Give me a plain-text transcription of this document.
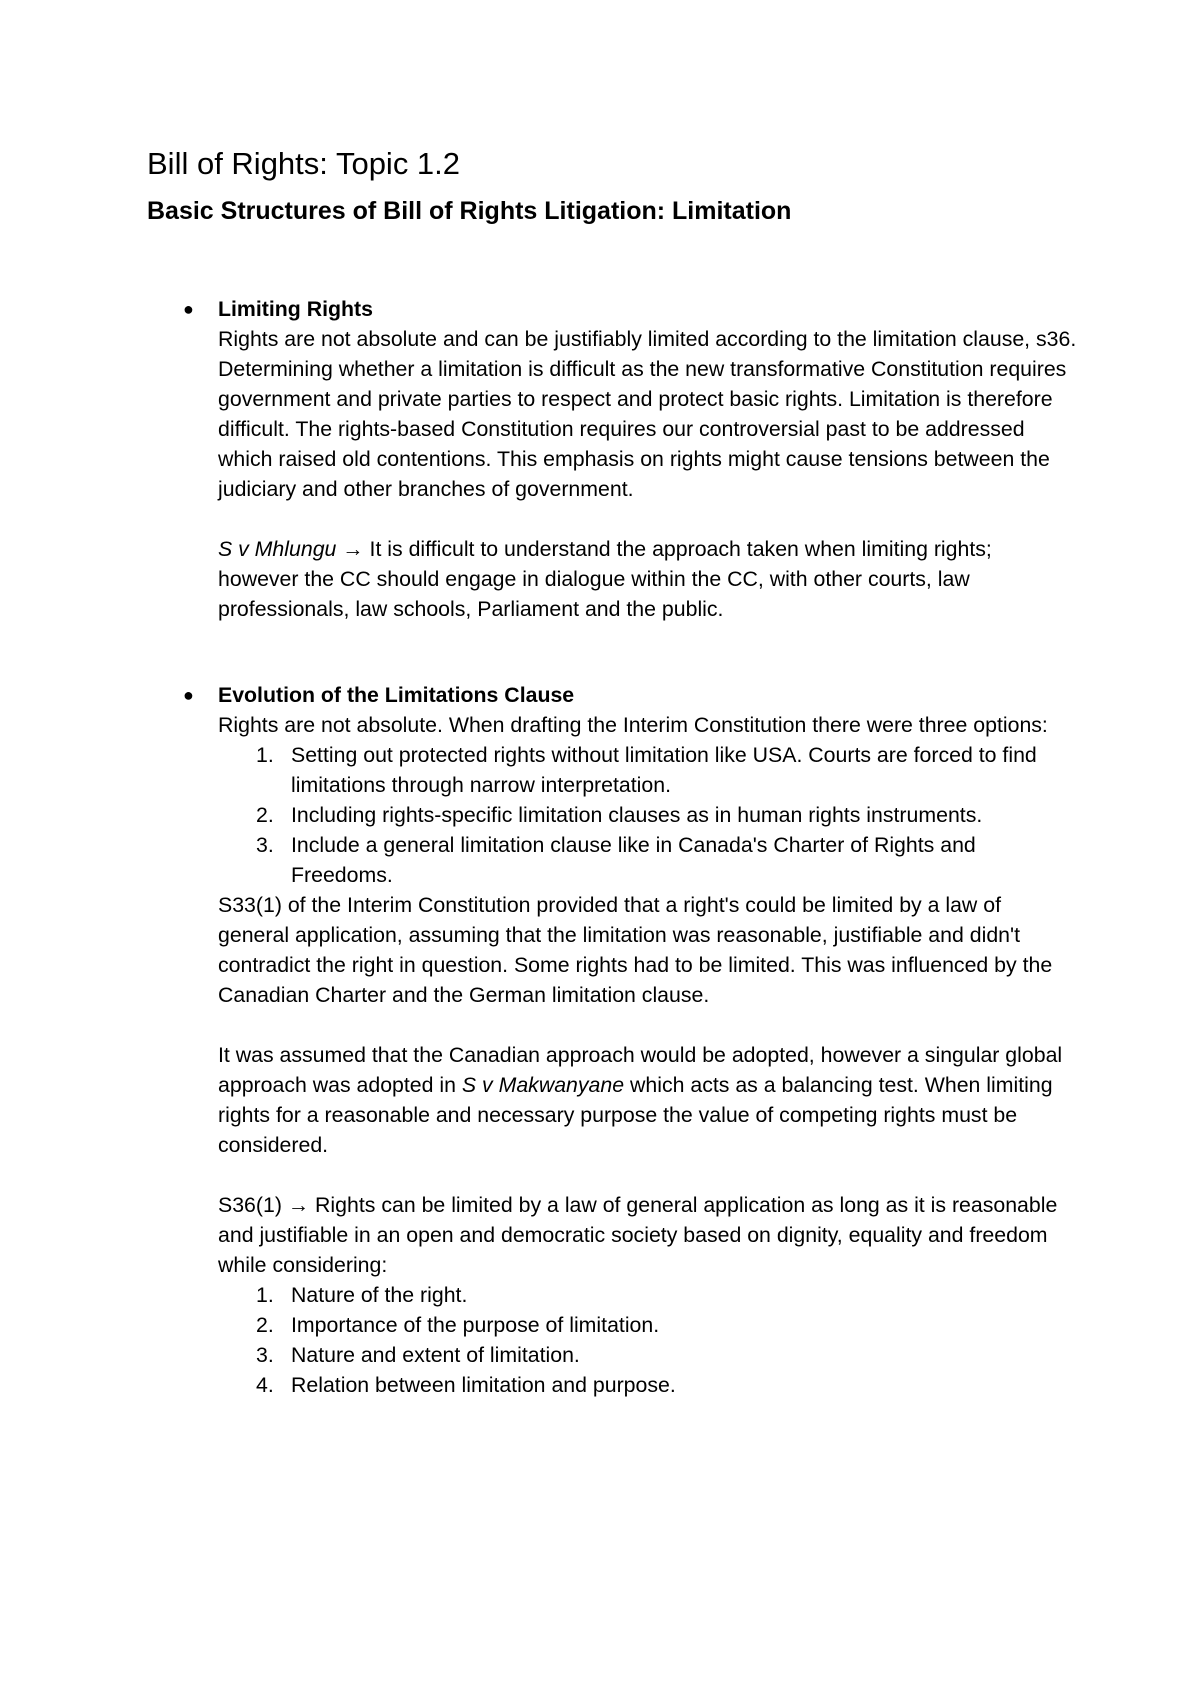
Bill of Rights: Topic 1.2
Basic Structures of Bill of Rights Litigation: Limitation
● Limiting Rights

Rights are not absolute and can be justifiably limited according to the limitation clause, s36. Determining whether a limitation is difficult as the new transformative Constitution requires government and private parties to respect and protect basic rights. Limitation is therefore difficult. The rights-based Constitution requires our controversial past to be addressed which raised old contentions. This emphasis on rights might cause tensions between the judiciary and other branches of government.

S v Mhlungu → It is difficult to understand the approach taken when limiting rights; however the CC should engage in dialogue within the CC, with other courts, law professionals, law schools, Parliament and the public.

● Evolution of the Limitations Clause

Rights are not absolute. When drafting the Interim Constitution there were three options:

1. Setting out protected rights without limitation like USA. Courts are forced to find limitations through narrow interpretation.
2. Including rights-specific limitation clauses as in human rights instruments.
3. Include a general limitation clause like in Canada's Charter of Rights and Freedoms.

S33(1) of the Interim Constitution provided that a right's could be limited by a law of general application, assuming that the limitation was reasonable, justifiable and didn't contradict the right in question. Some rights had to be limited. This was influenced by the Canadian Charter and the German limitation clause.

It was assumed that the Canadian approach would be adopted, however a singular global approach was adopted in S v Makwanyane which acts as a balancing test. When limiting rights for a reasonable and necessary purpose the value of competing rights must be considered.

S36(1) → Rights can be limited by a law of general application as long as it is reasonable and justifiable in an open and democratic society based on dignity, equality and freedom while considering:

1. Nature of the right.
2. Importance of the purpose of limitation.
3. Nature and extent of limitation.
4. Relation between limitation and purpose.
